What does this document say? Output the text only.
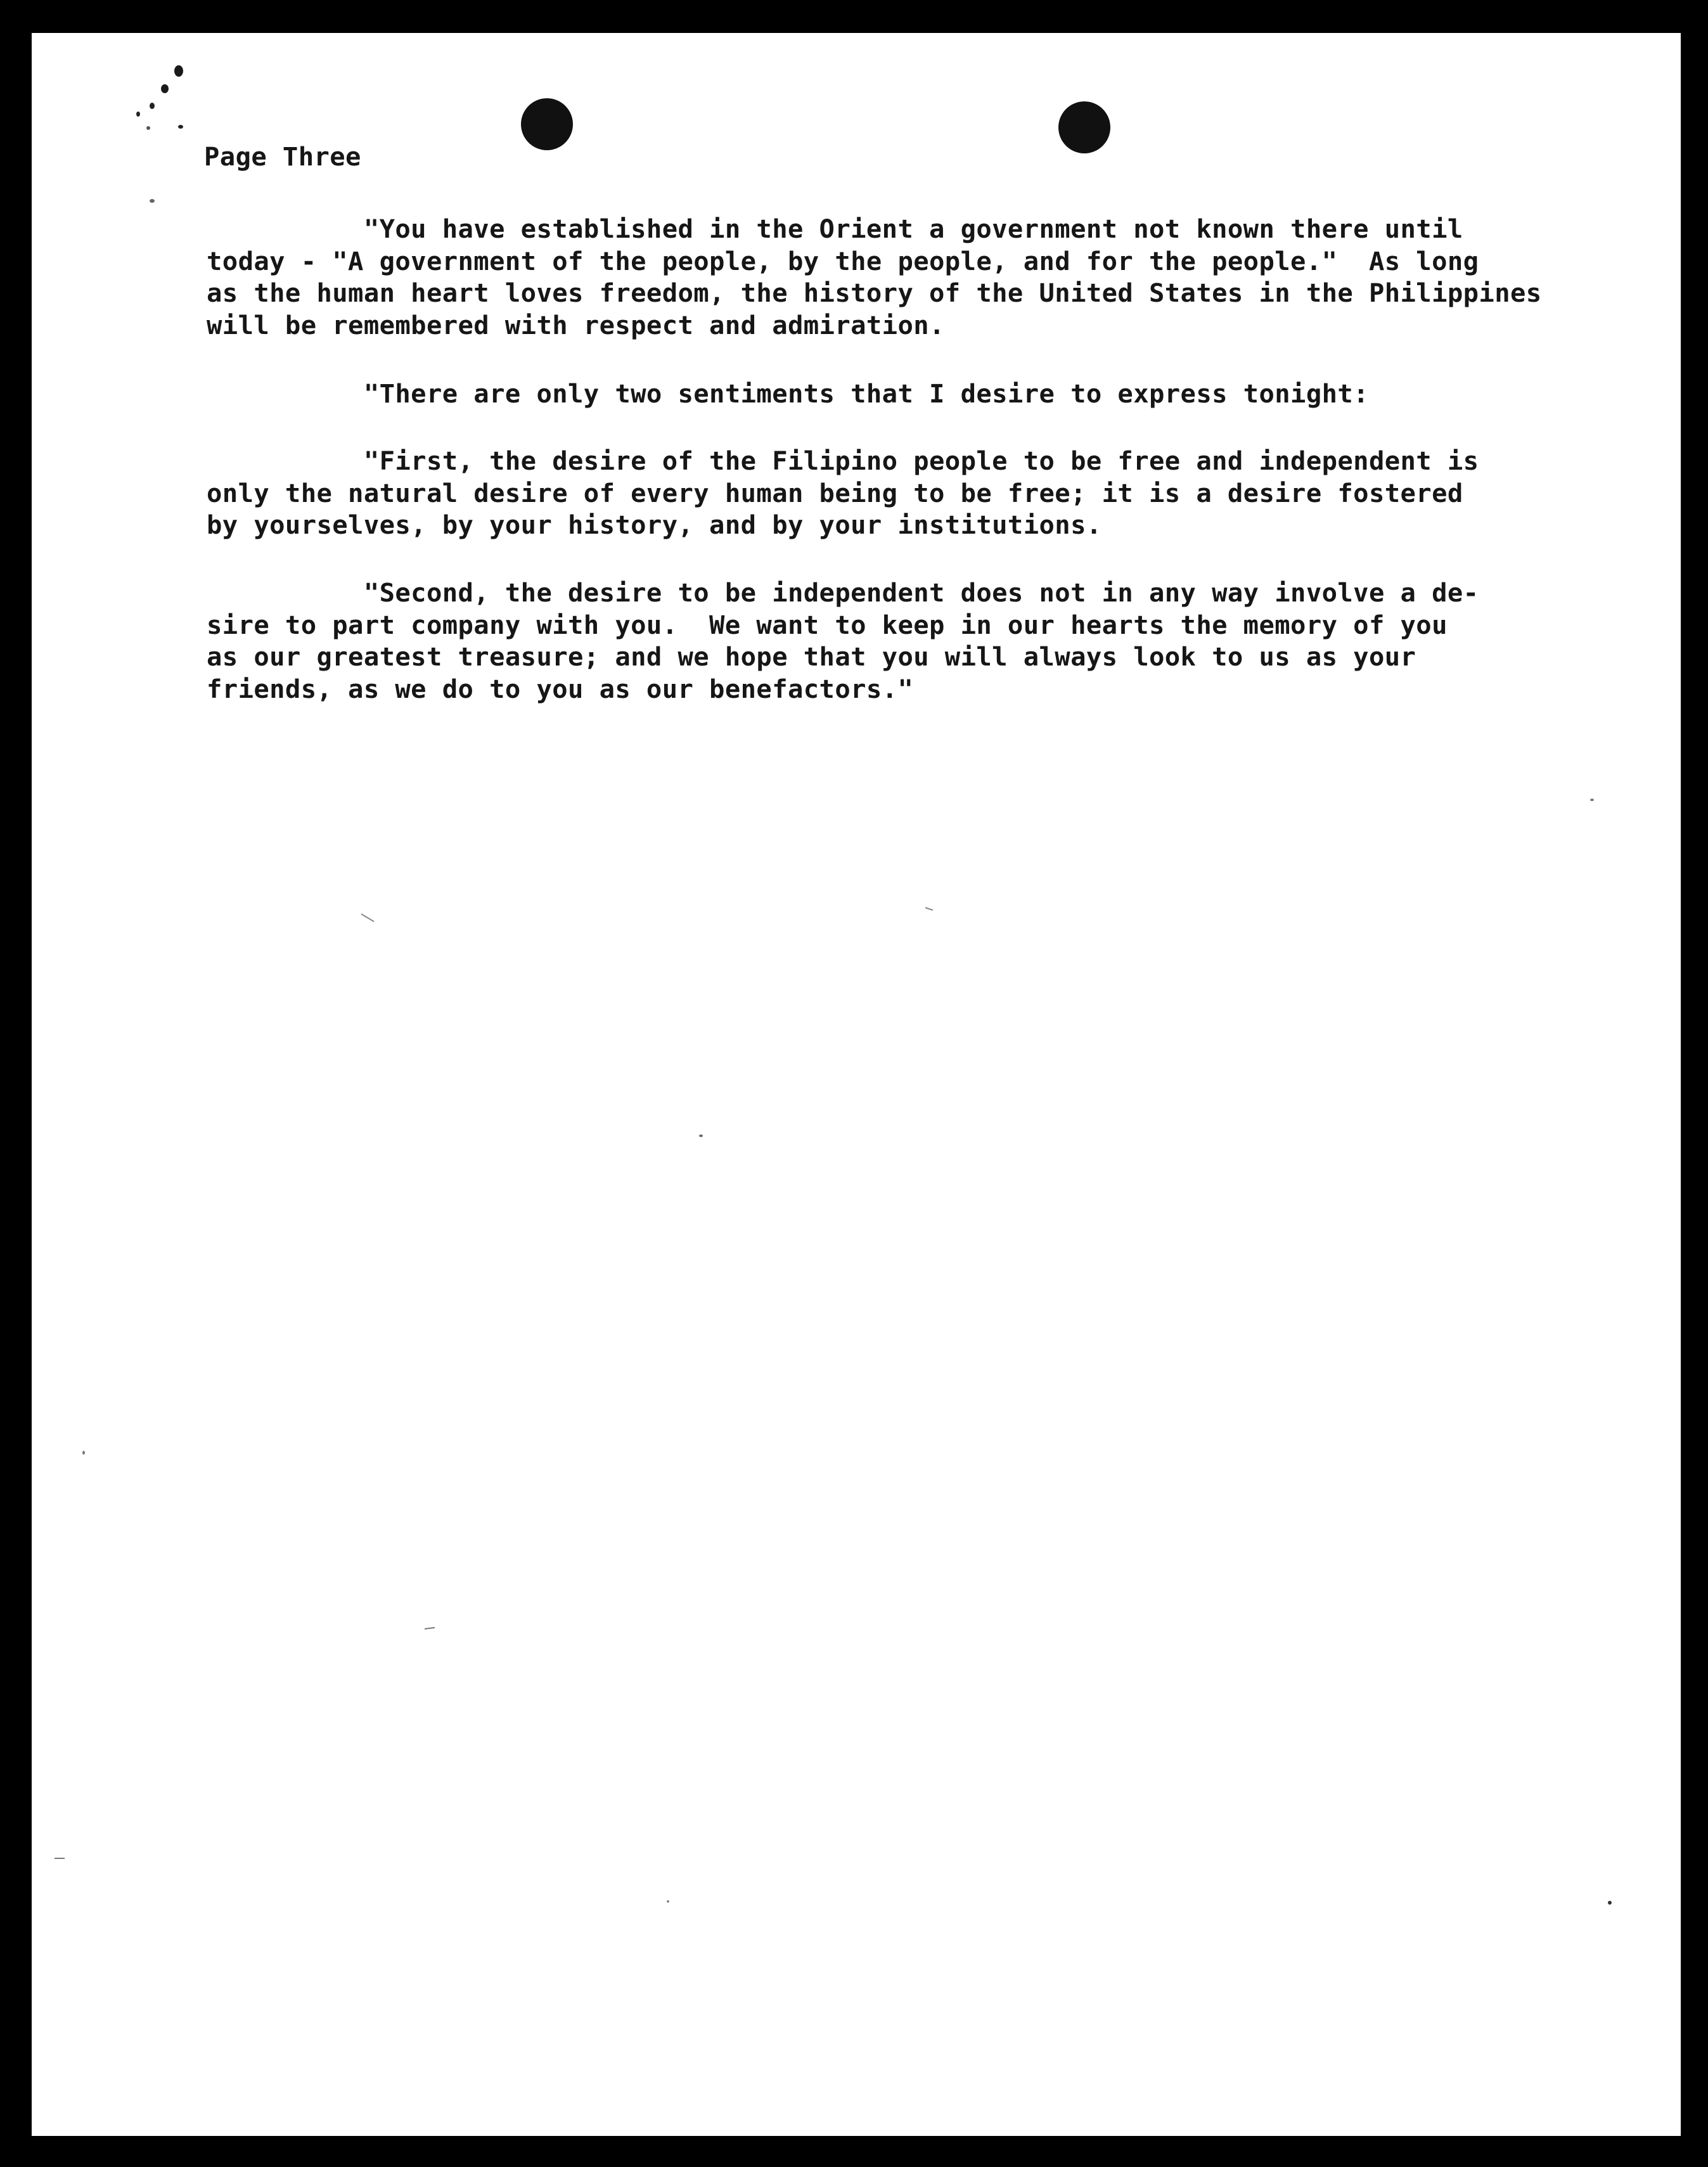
Page Three

"You have established in the Orient a government not known there until
today - "A government of the people, by the people, and for the people."  As long
as the human heart loves freedom, the history of the United States in the Philippines
will be remembered with respect and admiration.

"There are only two sentiments that I desire to express tonight:

"First, the desire of the Filipino people to be free and independent is
only the natural desire of every human being to be free; it is a desire fostered
by yourselves, by your history, and by your institutions.

"Second, the desire to be independent does not in any way involve a de-
sire to part company with you.  We want to keep in our hearts the memory of you
as our greatest treasure; and we hope that you will always look to us as your
friends, as we do to you as our benefactors."
